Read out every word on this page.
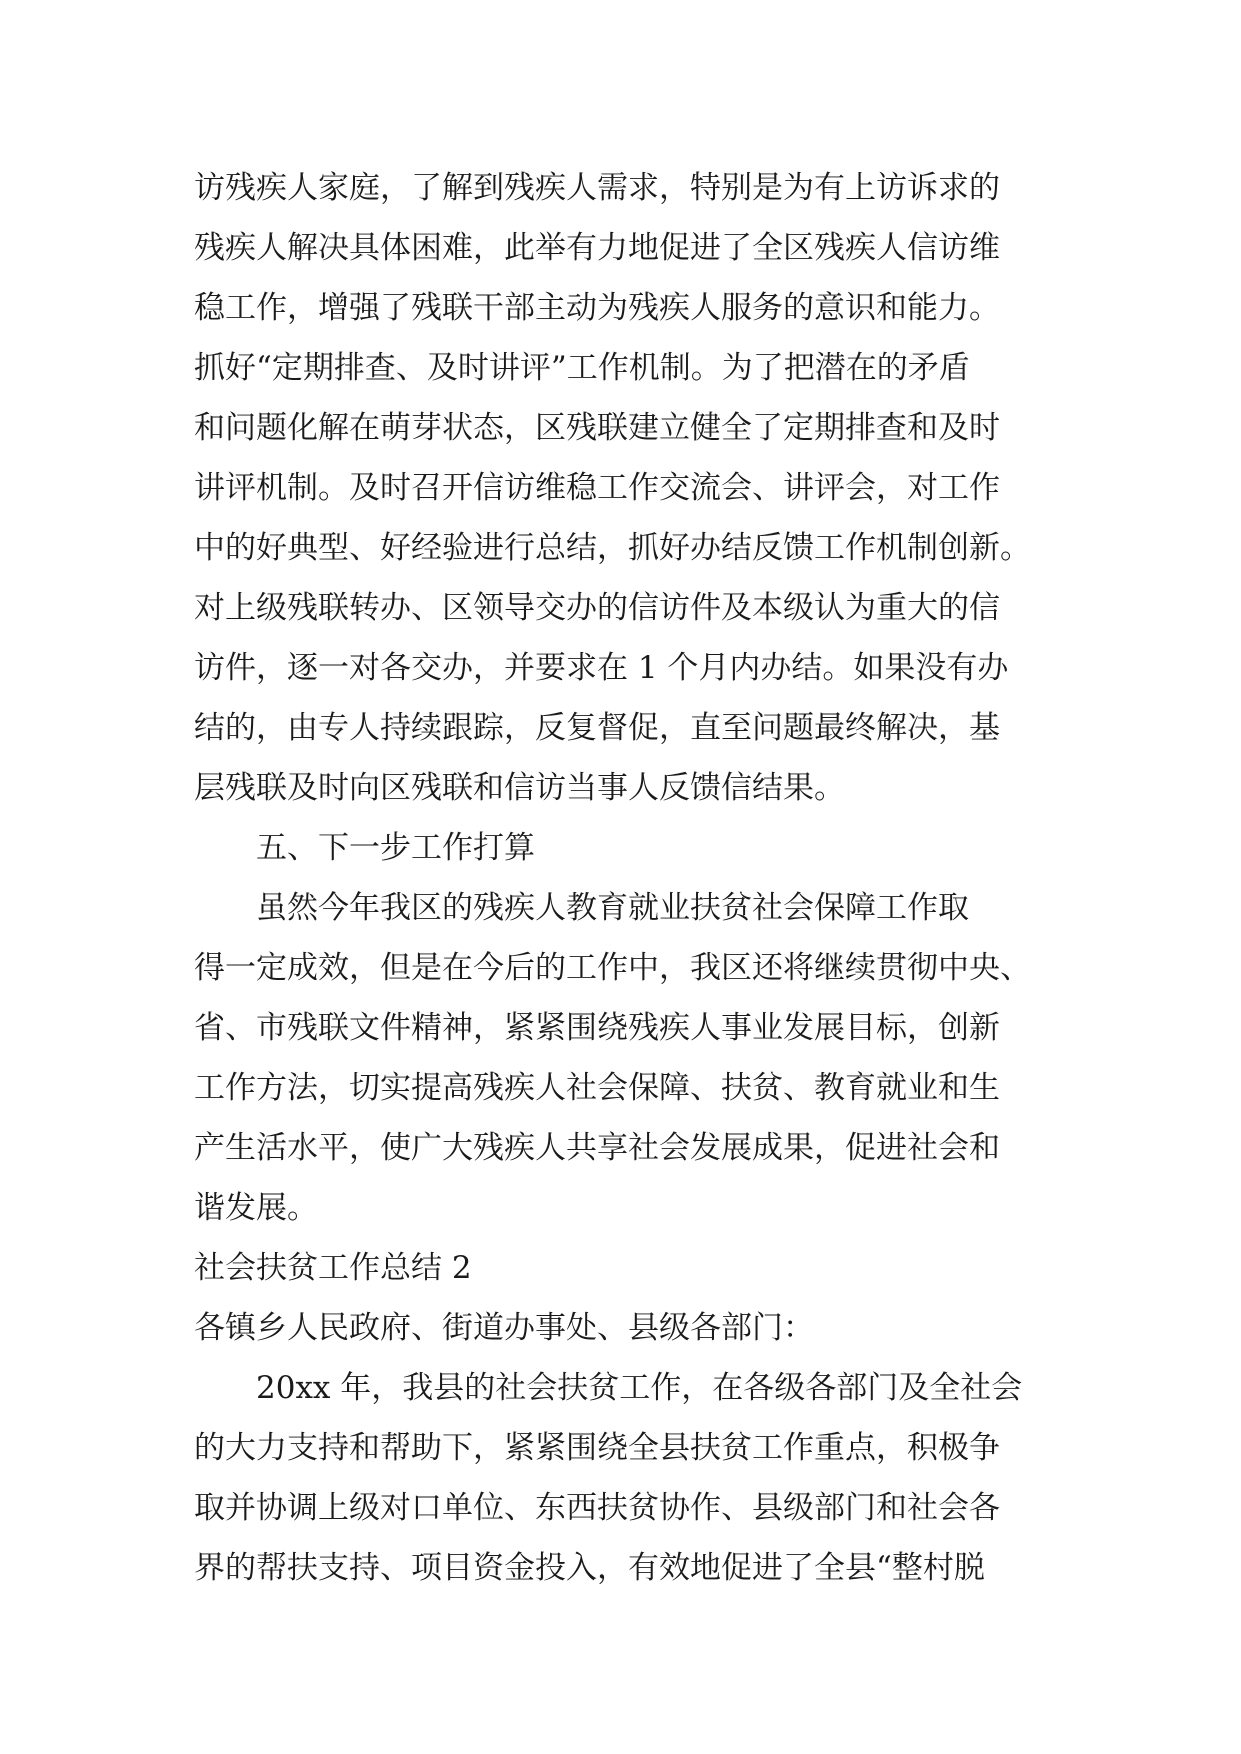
访残疾人家庭，了解到残疾人需求，特别是为有上访诉求的
残疾人解决具体困难，此举有力地促进了全区残疾人信访维
稳工作，增强了残联干部主动为残疾人服务的意识和能力。
抓好“定期排查、及时讲评”工作机制。为了把潜在的矛盾
和问题化解在萌芽状态，区残联建立健全了定期排查和及时
讲评机制。及时召开信访维稳工作交流会、讲评会，对工作
中的好典型、好经验进行总结，抓好办结反馈工作机制创新。
对上级残联转办、区领导交办的信访件及本级认为重大的信
访件，逐一对各交办，并要求在 1 个月内办结。如果没有办
结的，由专人持续跟踪，反复督促，直至问题最终解决，基
层残联及时向区残联和信访当事人反馈信结果。
五、下一步工作打算
虽然今年我区的残疾人教育就业扶贫社会保障工作取
得一定成效，但是在今后的工作中，我区还将继续贯彻中央、
省、市残联文件精神，紧紧围绕残疾人事业发展目标，创新
工作方法，切实提高残疾人社会保障、扶贫、教育就业和生
产生活水平，使广大残疾人共享社会发展成果，促进社会和
谐发展。
社会扶贫工作总结 2
各镇乡人民政府、街道办事处、县级各部门：
20xx 年，我县的社会扶贫工作，在各级各部门及全社会
的大力支持和帮助下，紧紧围绕全县扶贫工作重点，积极争
取并协调上级对口单位、东西扶贫协作、县级部门和社会各
界的帮扶支持、项目资金投入，有效地促进了全县“整村脱
